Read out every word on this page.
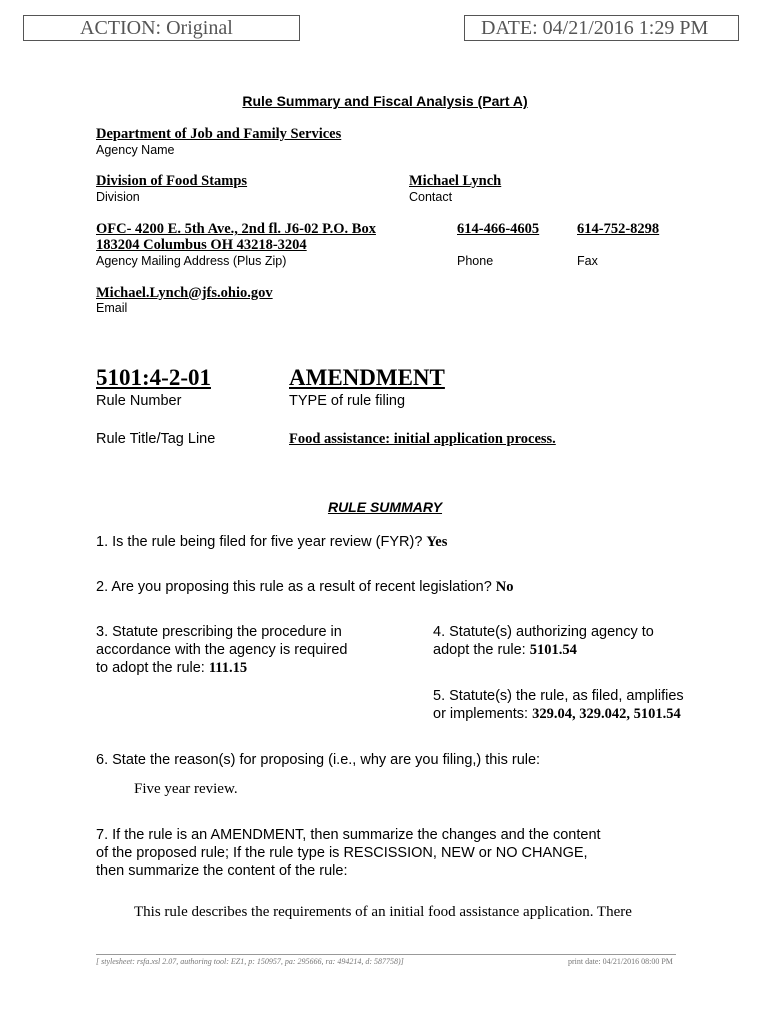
ACTION: Original	DATE: 04/21/2016 1:29 PM
Rule Summary and Fiscal Analysis (Part A)
Department of Job and Family Services
Agency Name
Division of Food Stamps
Division
Michael Lynch
Contact
OFC- 4200 E. 5th Ave., 2nd fl. J6-02 P.O. Box
183204 Columbus OH 43218-3204
Agency Mailing Address (Plus Zip)
614-466-4605
Phone
614-752-8298
Fax
Michael.Lynch@jfs.ohio.gov
Email
5101:4-2-01
Rule Number
AMENDMENT
TYPE of rule filing
Rule Title/Tag Line	Food assistance: initial application process.
RULE SUMMARY
1. Is the rule being filed for five year review (FYR)? Yes
2. Are you proposing this rule as a result of recent legislation? No
3. Statute prescribing the procedure in
accordance with the agency is required
to adopt the rule: 111.15
4. Statute(s) authorizing agency to
adopt the rule: 5101.54
5. Statute(s) the rule, as filed, amplifies
or implements: 329.04, 329.042, 5101.54
6. State the reason(s) for proposing (i.e., why are you filing,) this rule:
Five year review.
7. If the rule is an AMENDMENT, then summarize the changes and the content
of the proposed rule; If the rule type is RESCISSION, NEW or NO CHANGE,
then summarize the content of the rule:
This rule describes the requirements of an initial food assistance application. There
[ stylesheet: rsfa.xsl 2.07, authoring tool: EZ1, p: 150957, pa: 295666, ra: 494214, d: 587758)]	print date: 04/21/2016 08:00 PM
